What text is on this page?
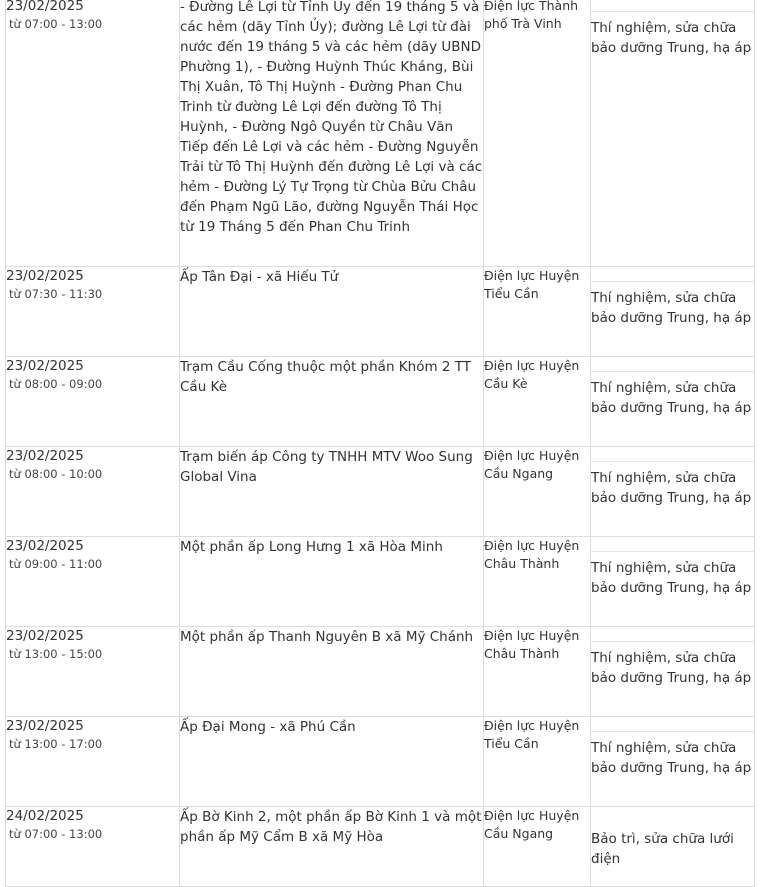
23/02/2025
từ 07:00 - 13:00	- Đường Lê Lợi từ Tỉnh Ủy đến 19 tháng 5 và các hẻm (dãy Tỉnh Ủy); đường Lê Lợi từ đài nước đến 19 tháng 5 và các hẻm (dãy UBND Phường 1), - Đường Huỳnh Thúc Kháng, Bùi Thị Xuân, Tô Thị Huỳnh - Đường Phan Chu Trinh từ đường Lê Lợi đến đường Tô Thị Huỳnh, - Đường Ngô Quyền từ Châu Văn Tiếp đến Lê Lợi và các hẻm - Đường Nguyễn Trải từ Tô Thị Huỳnh đến đường Lê Lợi và các hẻm - Đường Lý Tự Trọng từ Chùa Bửu Châu đến Phạm Ngũ Lão, đường Nguyễn Thái Học từ 19 Tháng 5 đến Phan Chu Trinh	Điện lực Thành phố Trà Vinh	Thí nghiệm, sửa chữa bảo dưỡng Trung, hạ áp

23/02/2025
từ 07:30 - 11:30	Ấp Tân Đại - xã Hiếu Tử	Điện lực Huyện Tiểu Cần	Thí nghiệm, sửa chữa bảo dưỡng Trung, hạ áp

23/02/2025
từ 08:00 - 09:00	Trạm Cầu Cống thuộc một phần Khóm 2 TT Cầu Kè	Điện lực Huyện Cầu Kè	Thí nghiệm, sửa chữa bảo dưỡng Trung, hạ áp

23/02/2025
từ 08:00 - 10:00	Trạm biến áp Công ty TNHH MTV Woo Sung Global Vina	Điện lực Huyện Cầu Ngang	Thí nghiệm, sửa chữa bảo dưỡng Trung, hạ áp

23/02/2025
từ 09:00 - 11:00	Một phần ấp Long Hưng 1 xã Hòa Minh	Điện lực Huyện Châu Thành	Thí nghiệm, sửa chữa bảo dưỡng Trung, hạ áp

23/02/2025
từ 13:00 - 15:00	Một phần ấp Thanh Nguyên B xã Mỹ Chánh	Điện lực Huyện Châu Thành	Thí nghiệm, sửa chữa bảo dưỡng Trung, hạ áp

23/02/2025
từ 13:00 - 17:00	Ấp Đại Mong - xã Phú Cần	Điện lực Huyện Tiểu Cần	Thí nghiệm, sửa chữa bảo dưỡng Trung, hạ áp

24/02/2025
từ 07:00 - 13:00	Ấp Bờ Kinh 2, một phần ấp Bờ Kinh 1 và một phần ấp Mỹ Cẩm B xã Mỹ Hòa	Điện lực Huyện Cầu Ngang	Bảo trì, sửa chữa lưới điện
